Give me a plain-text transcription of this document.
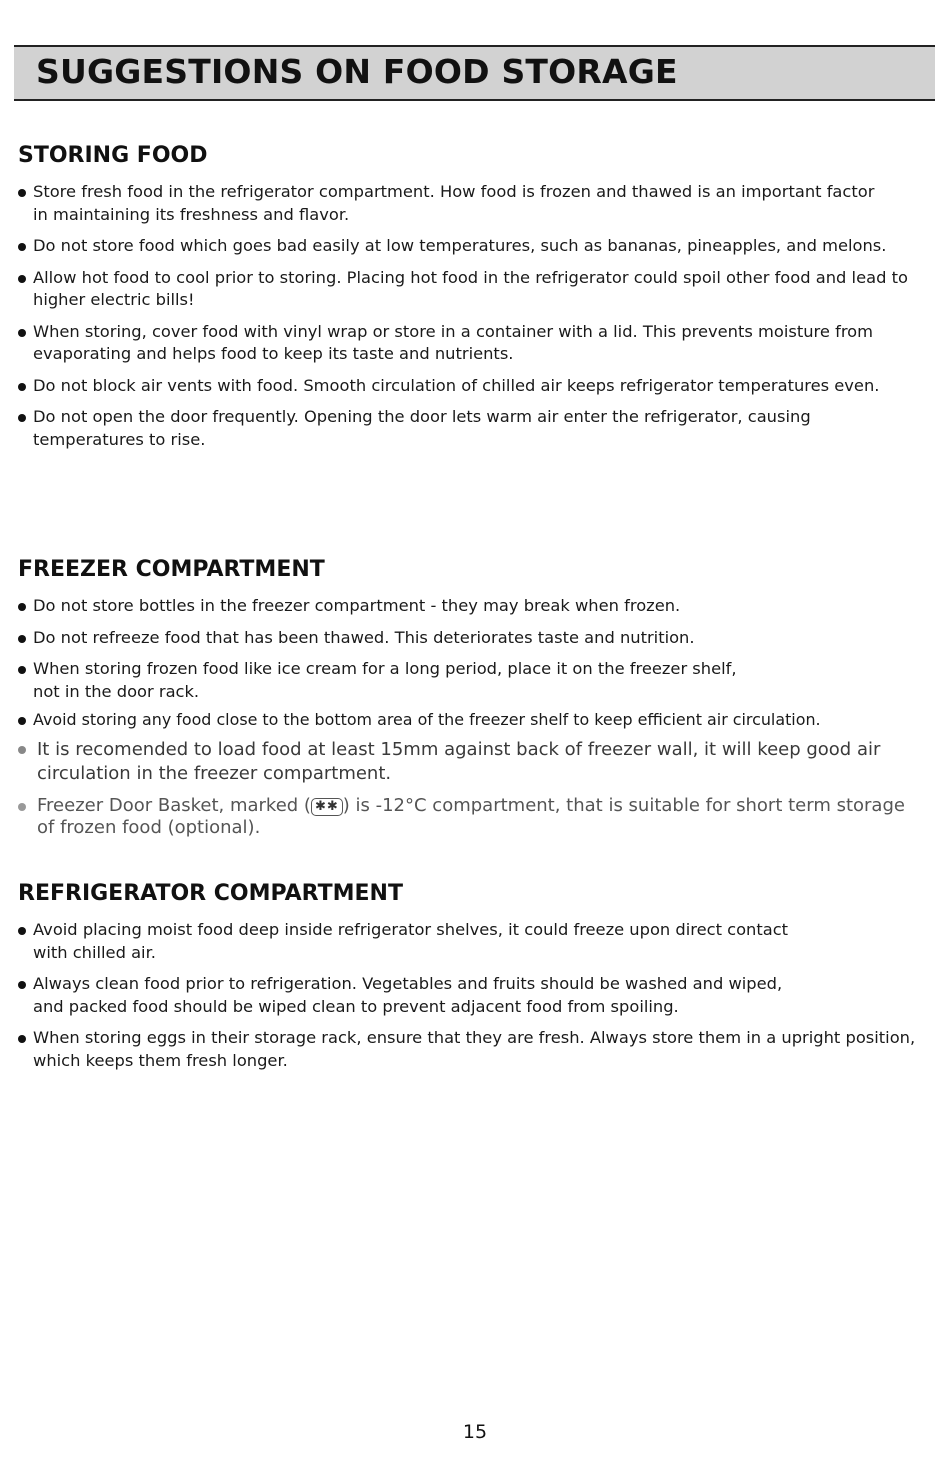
SUGGESTIONS ON FOOD STORAGE
STORING FOOD
Store fresh food in the refrigerator compartment. How food is frozen and thawed is an important factor
in maintaining its freshness and flavor.
Do not store food which goes bad easily at low temperatures, such as bananas, pineapples, and melons.
Allow hot food to cool prior to storing. Placing hot food in the refrigerator could spoil other food and lead to higher electric bills!
When storing, cover food with vinyl wrap or store in a container with a lid. This prevents moisture from evaporating and helps food to keep its taste and nutrients.
Do not block air vents with food. Smooth circulation of chilled air keeps refrigerator temperatures even.
Do not open the door frequently. Opening the door lets warm air enter the refrigerator, causing temperatures to rise.
FREEZER COMPARTMENT
Do not store bottles in the freezer compartment - they may break when frozen.
Do not refreeze food that has been thawed. This deteriorates taste and nutrition.
When storing frozen food like ice cream for a long period, place it on the freezer shelf,
not in the door rack.
Avoid storing any food close to the bottom area of the freezer shelf to keep efficient air circulation.
It is recomended to load food at least 15mm against back of freezer wall, it will keep good air circulation in the freezer compartment.
Freezer Door Basket, marked ( ✱✱ ) is -12°C compartment, that is suitable for short term storage of frozen food (optional).
REFRIGERATOR COMPARTMENT
Avoid placing moist food deep inside refrigerator shelves, it could freeze upon direct contact
with chilled air.
Always clean food prior to refrigeration. Vegetables and fruits should be washed and wiped,
and packed food should be wiped clean to prevent adjacent food from spoiling.
When storing eggs in their storage rack, ensure that they are fresh. Always store them in a upright position, which keeps them fresh longer.
15
